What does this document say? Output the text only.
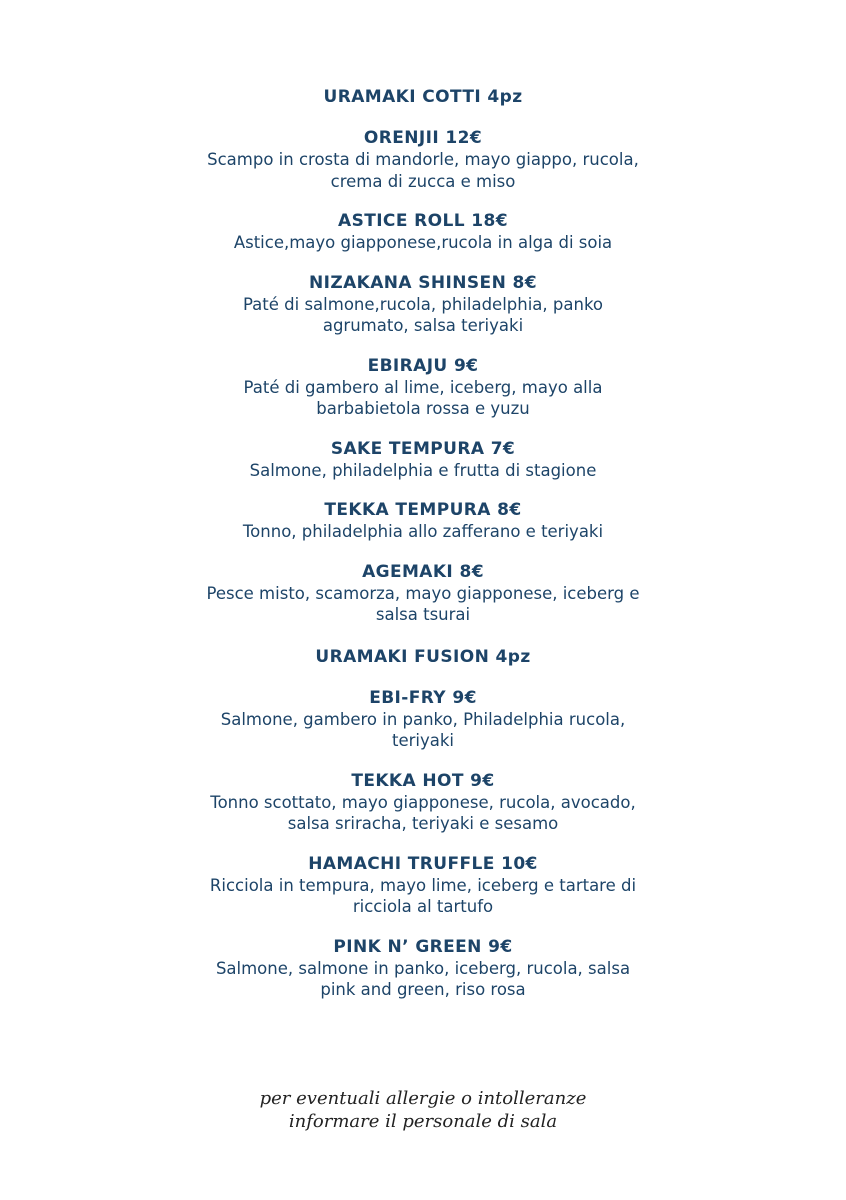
URAMAKI COTTI 4pz
ORENJII 12€
Scampo in crosta di mandorle, mayo giappo, rucola,
crema di zucca e miso
ASTICE ROLL 18€
Astice,mayo giapponese,rucola in alga di soia
NIZAKANA SHINSEN 8€
Paté di salmone,rucola, philadelphia, panko
agrumato, salsa teriyaki
EBIRAJU 9€
Paté di gambero al lime, iceberg, mayo alla
barbabietola rossa e yuzu
SAKE TEMPURA 7€
Salmone, philadelphia e frutta di stagione
TEKKA TEMPURA 8€
Tonno, philadelphia allo zafferano e teriyaki
AGEMAKI 8€
Pesce misto, scamorza, mayo giapponese, iceberg e
salsa tsurai
URAMAKI FUSION 4pz
EBI-FRY 9€
Salmone, gambero in panko, Philadelphia rucola,
teriyaki
TEKKA HOT 9€
Tonno scottato, mayo giapponese, rucola, avocado,
salsa sriracha, teriyaki e sesamo
HAMACHI TRUFFLE 10€
Ricciola in tempura, mayo lime, iceberg e tartare di
ricciola al tartufo
PINK N’ GREEN 9€
Salmone, salmone in panko, iceberg, rucola, salsa
pink and green, riso rosa
per eventuali allergie o intolleranze
informare il personale di sala
